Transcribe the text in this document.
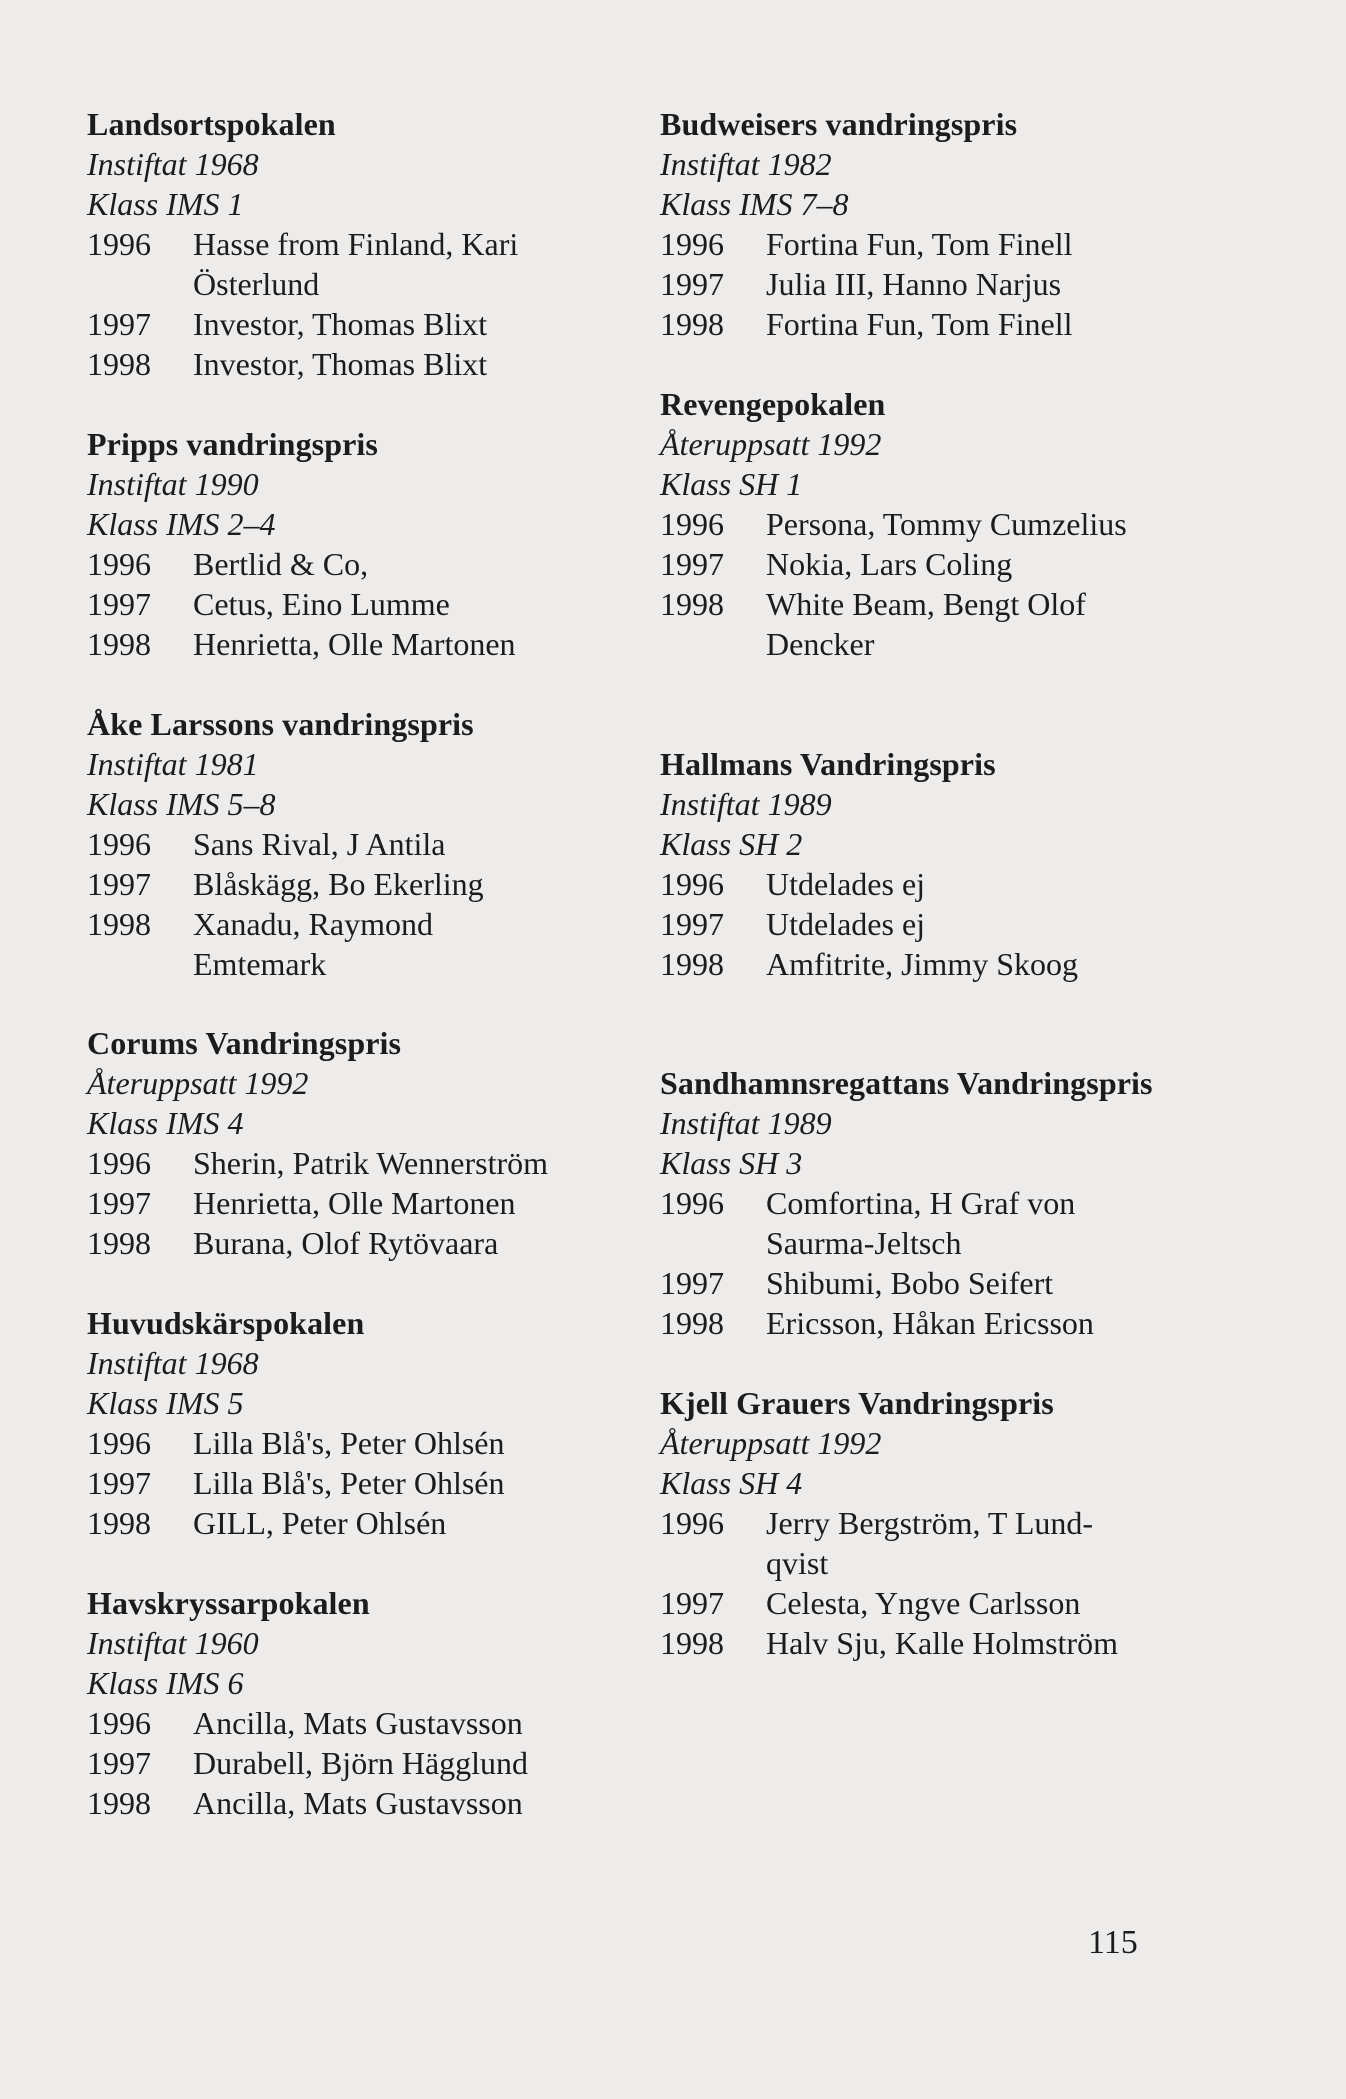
Landsortspokalen
Instiftat 1968
Klass IMS 1
1996	Hasse from Finland, Kari Österlund
1997	Investor, Thomas Blixt
1998	Investor, Thomas Blixt
Pripps vandringspris
Instiftat 1990
Klass IMS 2–4
1996	Bertlid & Co,
1997	Cetus, Eino Lumme
1998	Henrietta, Olle Martonen
Åke Larssons vandringspris
Instiftat 1981
Klass IMS 5–8
1996	Sans Rival, J Antila
1997	Blåskägg, Bo Ekerling
1998	Xanadu, Raymond Emtemark
Corums Vandringspris
Återuppsatt 1992
Klass IMS 4
1996	Sherin, Patrik Wennerström
1997	Henrietta, Olle Martonen
1998	Burana, Olof Rytövaara
Huvudskärspokalen
Instiftat 1968
Klass IMS 5
1996	Lilla Blå's, Peter Ohlsén
1997	Lilla Blå's, Peter Ohlsén
1998	GILL, Peter Ohlsén
Havskryssarpokalen
Instiftat 1960
Klass IMS 6
1996	Ancilla, Mats Gustavsson
1997	Durabell, Björn Hägglund
1998	Ancilla, Mats Gustavsson
Budweisers vandringspris
Instiftat 1982
Klass IMS 7–8
1996	Fortina Fun, Tom Finell
1997	Julia III, Hanno Narjus
1998	Fortina Fun, Tom Finell
Revengepokalen
Återuppsatt 1992
Klass SH 1
1996	Persona, Tommy Cumzelius
1997	Nokia, Lars Coling
1998	White Beam, Bengt Olof Dencker
Hallmans Vandringspris
Instiftat 1989
Klass SH 2
1996	Utdelades ej
1997	Utdelades ej
1998	Amfitrite, Jimmy Skoog
Sandhamnsregattans Vandringspris
Instiftat 1989
Klass SH 3
1996	Comfortina, H Graf von Saurma-Jeltsch
1997	Shibumi, Bobo Seifert
1998	Ericsson, Håkan Ericsson
Kjell Grauers Vandringspris
Återuppsatt 1992
Klass SH 4
1996	Jerry Bergström, T Lund-qvist
1997	Celesta, Yngve Carlsson
1998	Halv Sju, Kalle Holmström
115
